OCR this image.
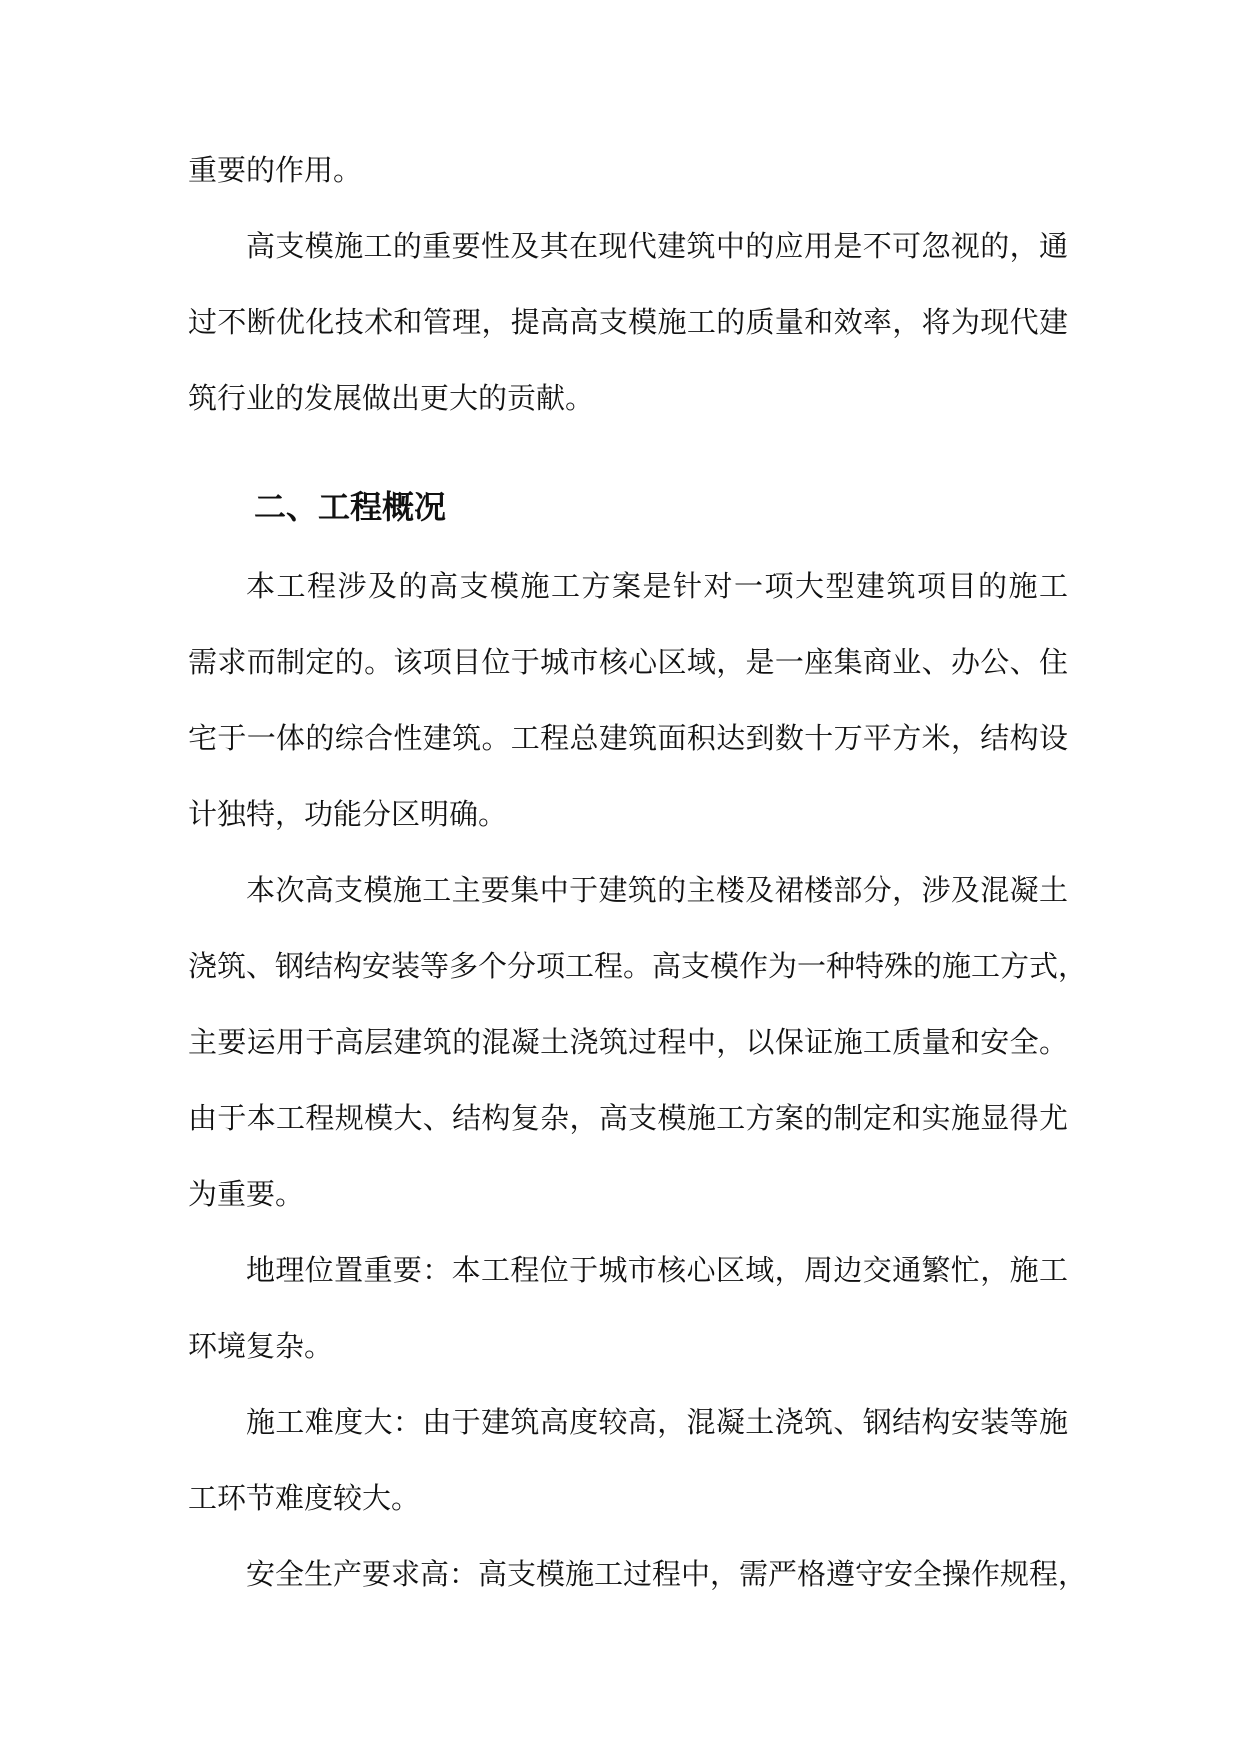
重要的作用。
高支模施工的重要性及其在现代建筑中的应用是不可忽视的，通
过不断优化技术和管理，提高高支模施工的质量和效率，将为现代建
筑行业的发展做出更大的贡献。
二、工程概况
本工程涉及的高支模施工方案是针对一项大型建筑项目的施工
需求而制定的。该项目位于城市核心区域，是一座集商业、办公、住
宅于一体的综合性建筑。工程总建筑面积达到数十万平方米，结构设
计独特，功能分区明确。
本次高支模施工主要集中于建筑的主楼及裙楼部分，涉及混凝土
浇筑、钢结构安装等多个分项工程。高支模作为一种特殊的施工方式，
主要运用于高层建筑的混凝土浇筑过程中，以保证施工质量和安全。
由于本工程规模大、结构复杂，高支模施工方案的制定和实施显得尤
为重要。
地理位置重要：本工程位于城市核心区域，周边交通繁忙，施工
环境复杂。
施工难度大：由于建筑高度较高，混凝土浇筑、钢结构安装等施
工环节难度较大。
安全生产要求高：高支模施工过程中，需严格遵守安全操作规程，
